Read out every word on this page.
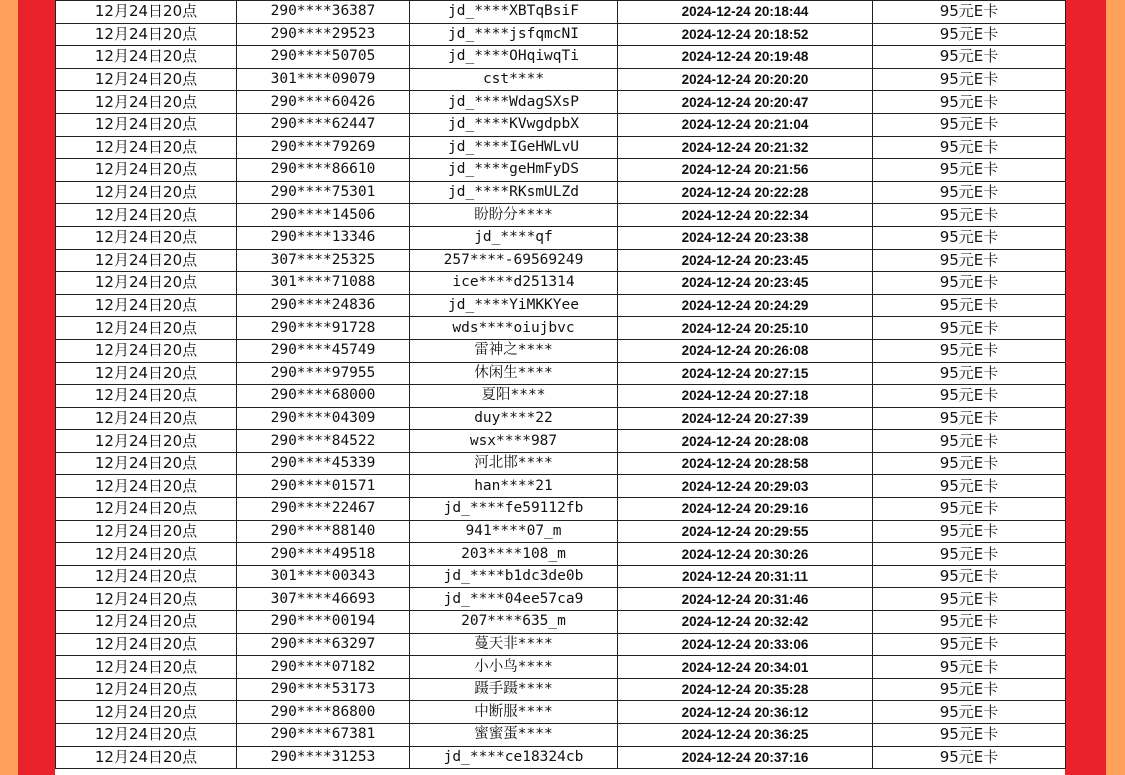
12月24日20点	290****36387	jd_****XBTqBsiF	2024-12-24 20:18:44	95元E卡
12月24日20点	290****29523	jd_****jsfqmcNI	2024-12-24 20:18:52	95元E卡
12月24日20点	290****50705	jd_****OHqiwqTi	2024-12-24 20:19:48	95元E卡
12月24日20点	301****09079	cst****	2024-12-24 20:20:20	95元E卡
12月24日20点	290****60426	jd_****WdagSXsP	2024-12-24 20:20:47	95元E卡
12月24日20点	290****62447	jd_****KVwgdpbX	2024-12-24 20:21:04	95元E卡
12月24日20点	290****79269	jd_****IGeHWLvU	2024-12-24 20:21:32	95元E卡
12月24日20点	290****86610	jd_****geHmFyDS	2024-12-24 20:21:56	95元E卡
12月24日20点	290****75301	jd_****RKsmULZd	2024-12-24 20:22:28	95元E卡
12月24日20点	290****14506	盼盼分****	2024-12-24 20:22:34	95元E卡
12月24日20点	290****13346	jd_****qf	2024-12-24 20:23:38	95元E卡
12月24日20点	307****25325	257****-69569249	2024-12-24 20:23:45	95元E卡
12月24日20点	301****71088	ice****d251314	2024-12-24 20:23:45	95元E卡
12月24日20点	290****24836	jd_****YiMKKYee	2024-12-24 20:24:29	95元E卡
12月24日20点	290****91728	wds****oiujbvc	2024-12-24 20:25:10	95元E卡
12月24日20点	290****45749	雷神之****	2024-12-24 20:26:08	95元E卡
12月24日20点	290****97955	休闲生****	2024-12-24 20:27:15	95元E卡
12月24日20点	290****68000	夏阳****	2024-12-24 20:27:18	95元E卡
12月24日20点	290****04309	duy****22	2024-12-24 20:27:39	95元E卡
12月24日20点	290****84522	wsx****987	2024-12-24 20:28:08	95元E卡
12月24日20点	290****45339	河北邯****	2024-12-24 20:28:58	95元E卡
12月24日20点	290****01571	han****21	2024-12-24 20:29:03	95元E卡
12月24日20点	290****22467	jd_****fe59112fb	2024-12-24 20:29:16	95元E卡
12月24日20点	290****88140	941****07_m	2024-12-24 20:29:55	95元E卡
12月24日20点	290****49518	203****108_m	2024-12-24 20:30:26	95元E卡
12月24日20点	301****00343	jd_****b1dc3de0b	2024-12-24 20:31:11	95元E卡
12月24日20点	307****46693	jd_****04ee57ca9	2024-12-24 20:31:46	95元E卡
12月24日20点	290****00194	207****635_m	2024-12-24 20:32:42	95元E卡
12月24日20点	290****63297	蔓天非****	2024-12-24 20:33:06	95元E卡
12月24日20点	290****07182	小小鸟****	2024-12-24 20:34:01	95元E卡
12月24日20点	290****53173	蹑手蹑****	2024-12-24 20:35:28	95元E卡
12月24日20点	290****86800	中断服****	2024-12-24 20:36:12	95元E卡
12月24日20点	290****67381	蜜蜜蛋****	2024-12-24 20:36:25	95元E卡
12月24日20点	290****31253	jd_****ce18324cb	2024-12-24 20:37:16	95元E卡
